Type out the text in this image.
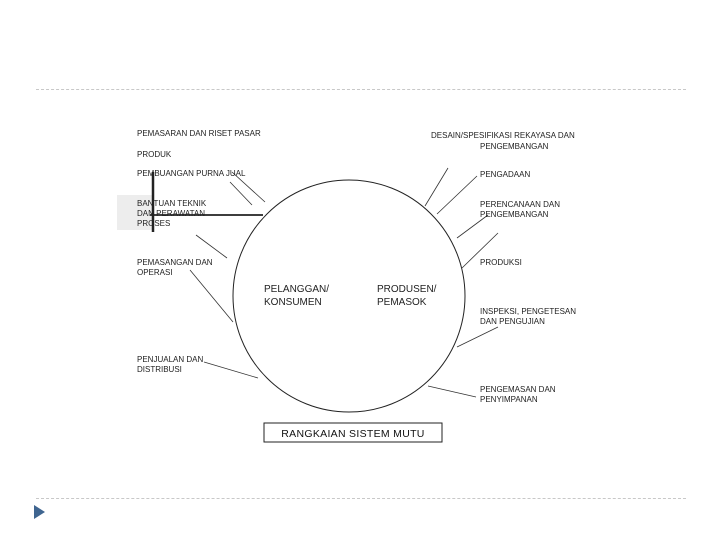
PEMASARAN DAN RISET PASAR
PRODUK
PEMBUANGAN PURNA JUAL
BANTUAN TEKNIK DAN PERAWATAN PROSES
PEMASANGAN DAN OPERASI
PENJUALAN DAN DISTRIBUSI
DESAIN/SPESIFIKASI REKAYASA DAN PENGEMBANGAN
PENGADAAN
PERENCANAAN DAN PENGEMBANGAN
PRODUKSI
INSPEKSI, PENGETESAN DAN PENGUJIAN
PENGEMASAN DAN PENYIMPANAN
PELANGGAN/ KONSUMEN
PRODUSEN/ PEMASOK
RANGKAIAN SISTEM MUTU
